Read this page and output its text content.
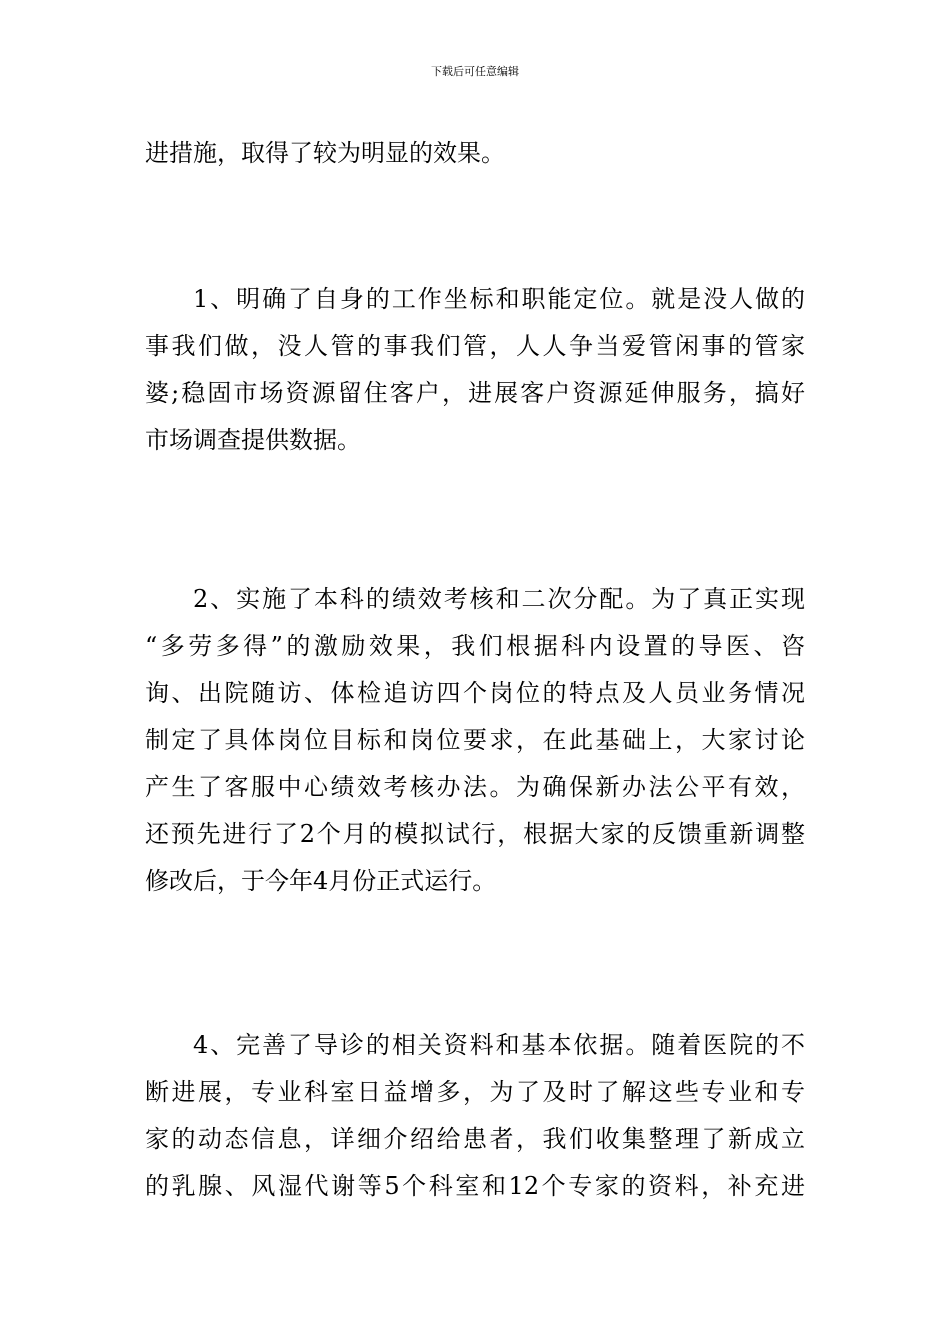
下载后可任意编辑
进措施，取得了较为明显的效果。
1、明确了自身的工作坐标和职能定位。就是没人做的
事我们做，没人管的事我们管，人人争当爱管闲事的管家
婆;稳固市场资源留住客户，进展客户资源延伸服务，搞好
市场调查提供数据。
2、实施了本科的绩效考核和二次分配。为了真正实现
“多劳多得”的激励效果，我们根据科内设置的导医、咨
询、出院随访、体检追访四个岗位的特点及人员业务情况
制定了具体岗位目标和岗位要求，在此基础上，大家讨论
产生了客服中心绩效考核办法。为确保新办法公平有效，
还预先进行了2个月的模拟试行，根据大家的反馈重新调整
修改后，于今年4月份正式运行。
4、完善了导诊的相关资料和基本依据。随着医院的不
断进展，专业科室日益增多，为了及时了解这些专业和专
家的动态信息，详细介绍给患者，我们收集整理了新成立
的乳腺、风湿代谢等5个科室和12个专家的资料，补充进
